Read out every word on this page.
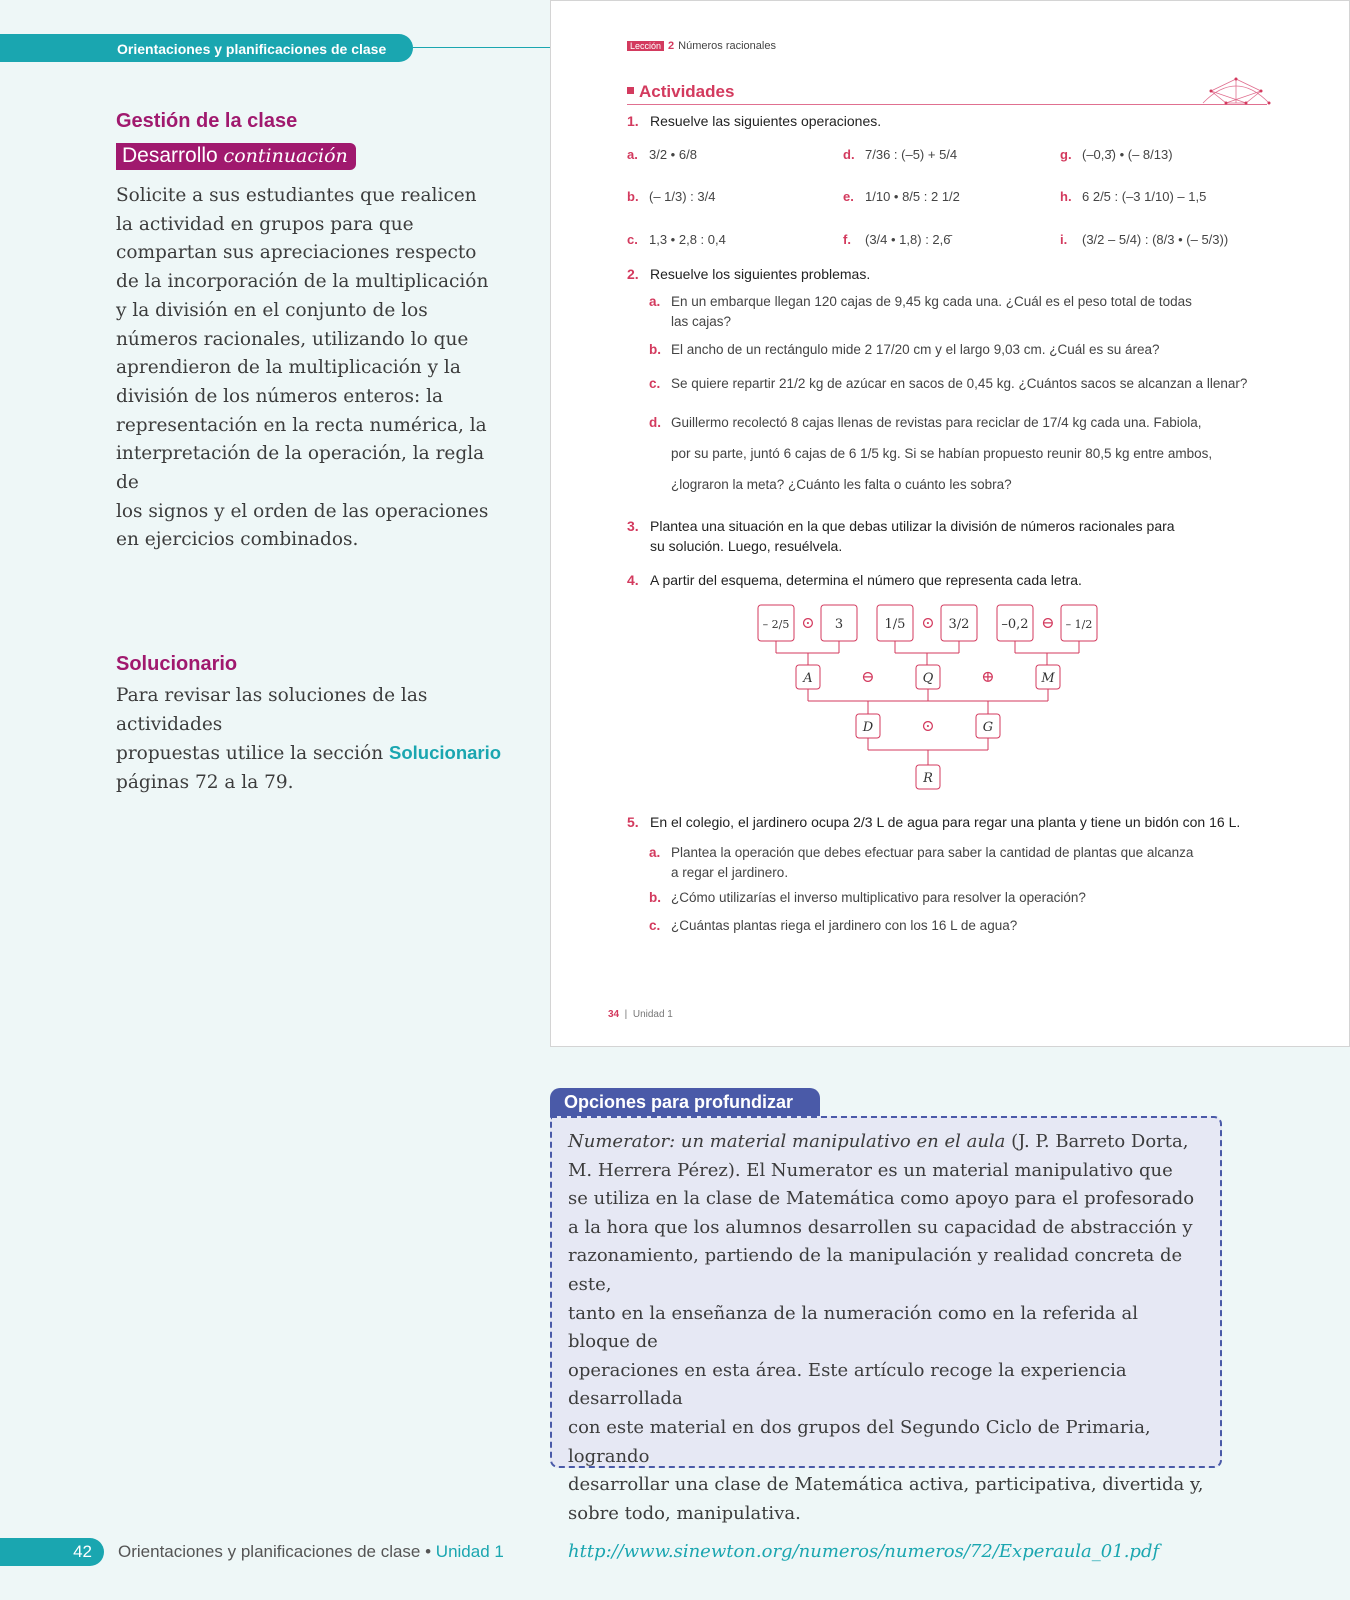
Orientaciones y planificaciones de clase
Gestión de la clase
Desarrollo continuación
Solicite a sus estudiantes que realicen
la actividad en grupos para que
compartan sus apreciaciones respecto
de la incorporación de la multiplicación
y la división en el conjunto de los
números racionales, utilizando lo que
aprendieron de la multiplicación y la
división de los números enteros: la
representación en la recta numérica, la
interpretación de la operación, la regla de
los signos y el orden de las operaciones
en ejercicios combinados.
Solucionario
Para revisar las soluciones de las actividades
propuestas utilice la sección Solucionario
páginas 72 a la 79.
Lección 2 Números racionales
Actividades
1. Resuelve las siguientes operaciones.
a. 3/2 • 6/8	d. 7/36 : (–5) + 5/4	g. (–0,3̄) • (– 8/13)
b. (– 1/3) : 3/4	e. 1/10 • 8/5 : 2 1/2	h. 6 2/5 : (–3 1/10) – 1,5
c. 1,3 • 2,8 : 0,4	f. (3/4 • 1,8) : 2,6̄	i. (3/2 – 5/4) : (8/3 • (– 5/3))
2. Resuelve los siguientes problemas.
a. En un embarque llegan 120 cajas de 9,45 kg cada una. ¿Cuál es el peso total de todas
las cajas?
b. El ancho de un rectángulo mide 2 17/20 cm y el largo 9,03 cm. ¿Cuál es su área?
c. Se quiere repartir 21/2 kg de azúcar en sacos de 0,45 kg. ¿Cuántos sacos se alcanzan a llenar?
d. Guillermo recolectó 8 cajas llenas de revistas para reciclar de 17/4 kg cada una. Fabiola,
por su parte, juntó 6 cajas de 6 1/5 kg. Si se habían propuesto reunir 80,5 kg entre ambos,
¿lograron la meta? ¿Cuánto les falta o cuánto les sobra?
3. Plantea una situación en la que debas utilizar la división de números racionales para
su solución. Luego, resuélvela.
4. A partir del esquema, determina el número que representa cada letra.
– 2/5	3	1/5	3/2 –0,2	– 1/2
⊙	⊙	⊖
A	Q	M
⊖	⊕
D	G
⊙
R
5. En el colegio, el jardinero ocupa 2/3 L de agua para regar una planta y tiene un bidón con 16 L.
a. Plantea la operación que debes efectuar para saber la cantidad de plantas que alcanza
a regar el jardinero.
b. ¿Cómo utilizarías el inverso multiplicativo para resolver la operación?
c. ¿Cuántas plantas riega el jardinero con los 16 L de agua?
34  |  Unidad 1
Opciones para profundizar
Numerator: un material manipulativo en el aula (J. P. Barreto Dorta,
M. Herrera Pérez). El Numerator es un material manipulativo que
se utiliza en la clase de Matemática como apoyo para el profesorado
a la hora que los alumnos desarrollen su capacidad de abstracción y
razonamiento, partiendo de la manipulación y realidad concreta de este,
tanto en la enseñanza de la numeración como en la referida al bloque de
operaciones en esta área. Este artículo recoge la experiencia desarrollada
con este material en dos grupos del Segundo Ciclo de Primaria, logrando
desarrollar una clase de Matemática activa, participativa, divertida y,
sobre todo, manipulativa.
http://www.sinewton.org/numeros/numeros/72/Experaula_01.pdf
42	Orientaciones y planificaciones de clase • Unidad 1
